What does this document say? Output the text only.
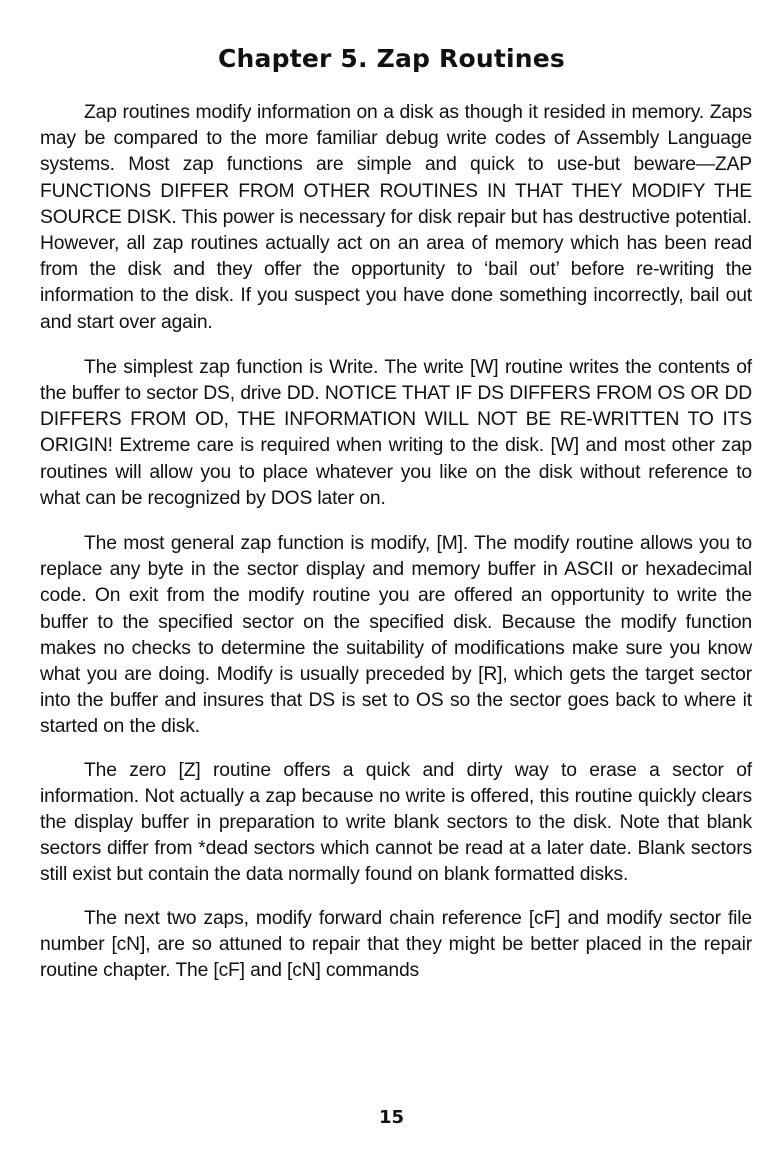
Chapter 5. Zap Routines

Zap routines modify information on a disk as though it resided in memory. Zaps may be compared to the more familiar debug write codes of Assembly Language systems. Most zap functions are simple and quick to use-but beware—ZAP FUNCTIONS DIFFER FROM OTHER ROUTINES IN THAT THEY MODIFY THE SOURCE DISK. This power is necessary for disk repair but has destructive potential. However, all zap routines actually act on an area of memory which has been read from the disk and they offer the opportunity to ‘bail out’ before re-writing the information to the disk. If you suspect you have done something incorrectly, bail out and start over again.

The simplest zap function is Write. The write [W] routine writes the contents of the buffer to sector DS, drive DD. NOTICE THAT IF DS DIFFERS FROM OS OR DD DIFFERS FROM OD, THE INFORMATION WILL NOT BE RE-WRITTEN TO ITS ORIGIN! Extreme care is required when writing to the disk. [W] and most other zap routines will allow you to place whatever you like on the disk without reference to what can be recognized by DOS later on.

The most general zap function is modify, [M]. The modify routine allows you to replace any byte in the sector display and memory buffer in ASCII or hexadecimal code. On exit from the modify routine you are offered an opportunity to write the buffer to the specified sector on the specified disk. Because the modify function makes no checks to determine the suitability of modifications make sure you know what you are doing. Modify is usually preceded by [R], which gets the target sector into the buffer and insures that DS is set to OS so the sector goes back to where it started on the disk.

The zero [Z] routine offers a quick and dirty way to erase a sector of information. Not actually a zap because no write is offered, this routine quickly clears the display buffer in preparation to write blank sectors to the disk. Note that blank sectors differ from *dead sectors which cannot be read at a later date. Blank sectors still exist but contain the data normally found on blank formatted disks.

The next two zaps, modify forward chain reference [cF] and modify sector file number [cN], are so attuned to repair that they might be better placed in the repair routine chapter. The [cF] and [cN] commands

15
